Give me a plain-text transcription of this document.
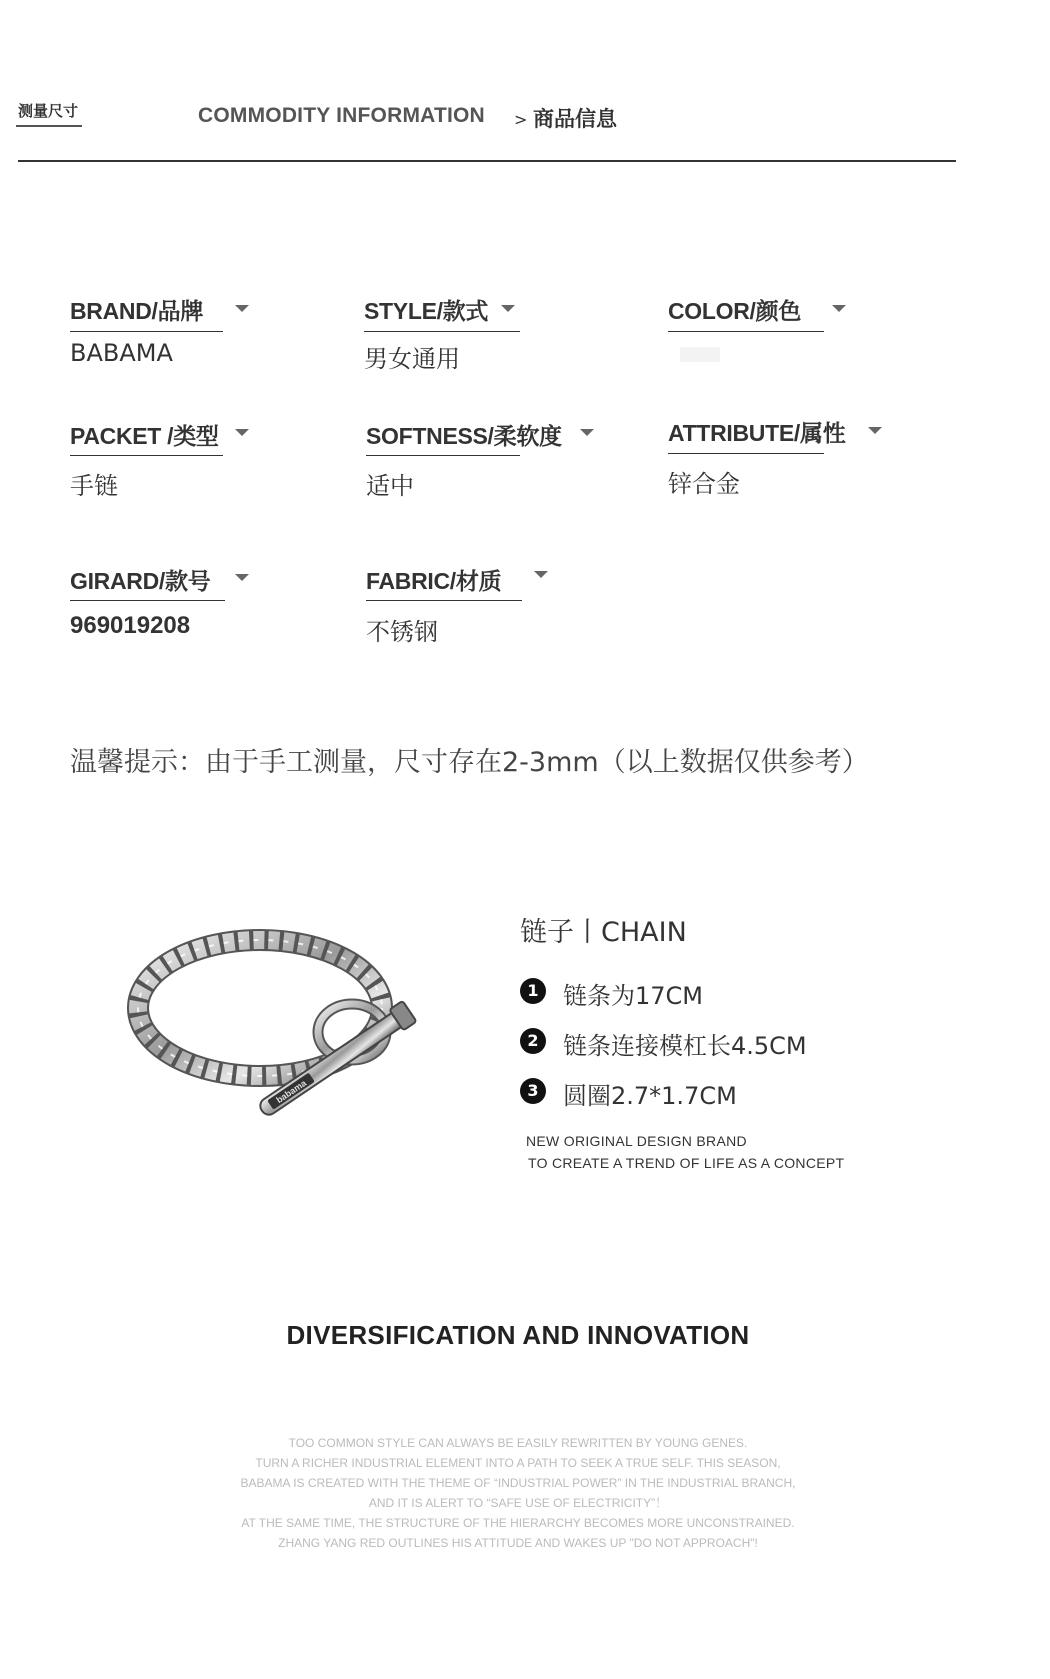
测量尺寸	COMMODITY INFORMATION > 商品信息
BRAND/品牌
BABAMA
STYLE/款式
男女通用
COLOR/颜色
PACKET /类型
手链
SOFTNESS/柔软度
适中
ATTRIBUTE/属性
锌合金
GIRARD/款号
969019208
FABRIC/材质
不锈钢
温馨提示：由于手工测量，尺寸存在2-3mm（以上数据仅供参考）
babama
链子丨CHAIN
1	链条为17CM
2	链条连接模杠长4.5CM
3	圆圈2.7*1.7CM
NEW ORIGINAL DESIGN BRAND
TO CREATE A TREND OF LIFE AS A CONCEPT
DIVERSIFICATION AND INNOVATION
TOO COMMON STYLE CAN ALWAYS BE EASILY REWRITTEN BY YOUNG GENES.
TURN A RICHER INDUSTRIAL ELEMENT INTO A PATH TO SEEK A TRUE SELF. THIS SEASON,
BABAMA IS CREATED WITH THE THEME OF “INDUSTRIAL POWER” IN THE INDUSTRIAL BRANCH,
AND IT IS ALERT TO “SAFE USE OF ELECTRICITY”！
AT THE SAME TIME, THE STRUCTURE OF THE HIERARCHY BECOMES MORE UNCONSTRAINED.
ZHANG YANG RED OUTLINES HIS ATTITUDE AND WAKES UP "DO NOT APPROACH"!
